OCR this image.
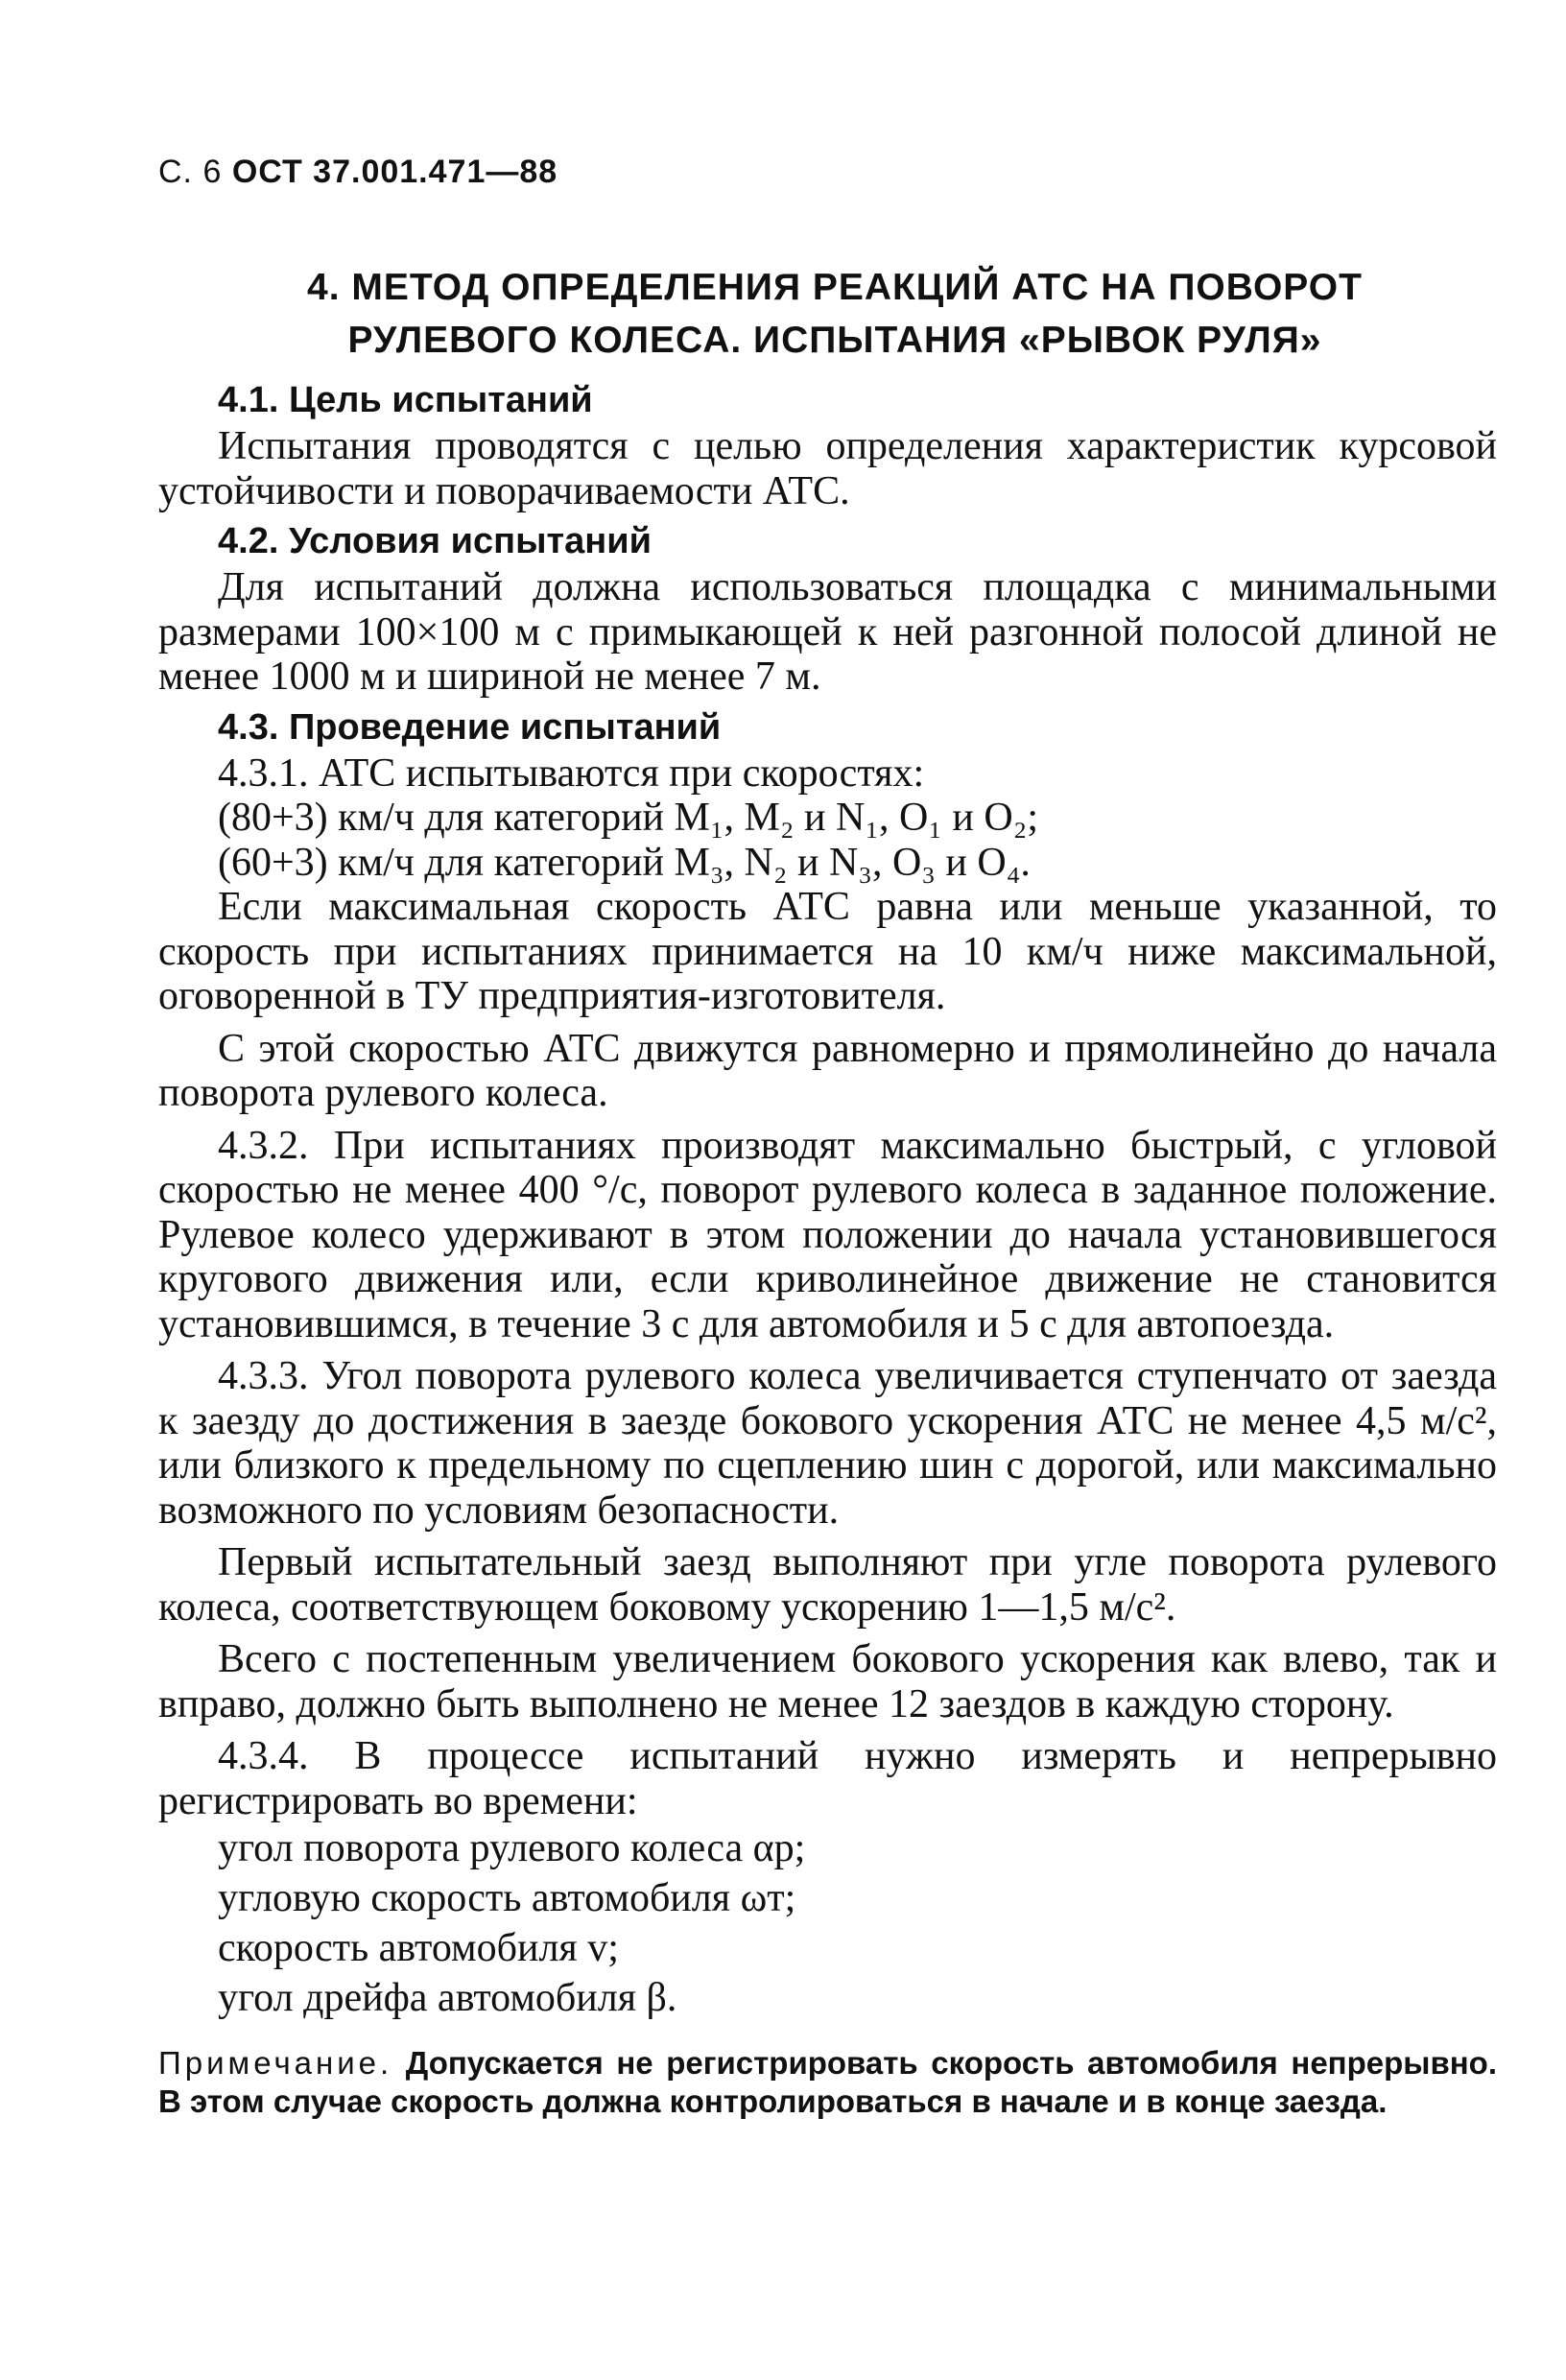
С. 6 ОСТ 37.001.471—88
4. МЕТОД ОПРЕДЕЛЕНИЯ РЕАКЦИЙ АТС НА ПОВОРОТ
РУЛЕВОГО КОЛЕСА. ИСПЫТАНИЯ «РЫВОК РУЛЯ»

4.1. Цель испытаний

Испытания проводятся с целью определения характеристик курсовой устойчивости и поворачиваемости АТС.

4.2. Условия испытаний

Для испытаний должна использоваться площадка с минимальными размерами 100×100 м с примыкающей к ней разгонной полосой длиной не менее 1000 м и шириной не менее 7 м.

4.3. Проведение испытаний

4.3.1. АТС испытываются при скоростях:

(80+3) км/ч для категорий M₁, M₂ и N₁, O₁ и O₂;

(60+3) км/ч для категорий M₃, N₂ и N₃, O₃ и O₄.

Если максимальная скорость АТС равна или меньше указанной, то скорость при испытаниях принимается на 10 км/ч ниже максимальной, оговоренной в ТУ предприятия-изготовителя.

С этой скоростью АТС движутся равномерно и прямолинейно до начала поворота рулевого колеса.

4.3.2. При испытаниях производят максимально быстрый, с угловой скоростью не менее 400 °/с, поворот рулевого колеса в заданное положение. Рулевое колесо удерживают в этом положении до начала установившегося кругового движения или, если криволинейное движение не становится установившимся, в течение 3 с для автомобиля и 5 с для автопоезда.

4.3.3. Угол поворота рулевого колеса увеличивается ступенчато от заезда к заезду до достижения в заезде бокового ускорения АТС не менее 4,5 м/с², или близкого к предельному по сцеплению шин с дорогой, или максимально возможного по условиям безопасности.

Первый испытательный заезд выполняют при угле поворота рулевого колеса, соответствующем боковому ускорению 1—1,5 м/с².

Всего с постепенным увеличением бокового ускорения как влево, так и вправо, должно быть выполнено не менее 12 заездов в каждую сторону.

4.3.4. В процессе испытаний нужно измерять и непрерывно регистрировать во времени:

угол поворота рулевого колеса αр;

угловую скорость автомобиля ωт;

скорость автомобиля v;

угол дрейфа автомобиля β.

Примечание. Допускается не регистрировать скорость автомобиля непрерывно. В этом случае скорость должна контролироваться в начале и в конце заезда.
